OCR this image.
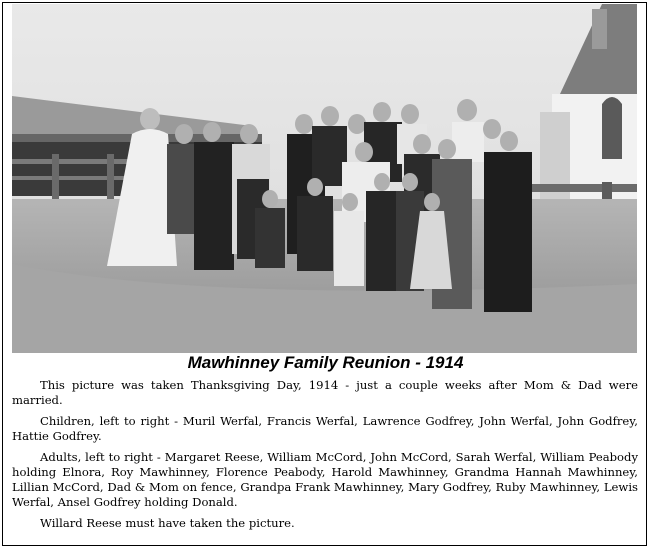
Mawhinney Family Reunion - 1914

This picture was taken Thanksgiving Day, 1914 - just a couple weeks after Mom & Dad were married.

Children, left to right - Muril Werfal, Francis Werfal, Lawrence Godfrey, John Werfal, John Godfrey, Hattie Godfrey.

Adults, left to right - Margaret Reese, William McCord, John McCord, Sarah Werfal, William Peabody holding Elnora, Roy Mawhinney, Florence Peabody, Harold Mawhinney, Grandma Hannah Mawhinney, Lillian McCord, Dad & Mom on fence, Grandpa Frank Mawhinney, Mary Godfrey, Ruby Mawhinney, Lewis Werfal, Ansel Godfrey holding Donald.

Willard Reese must have taken the picture.
